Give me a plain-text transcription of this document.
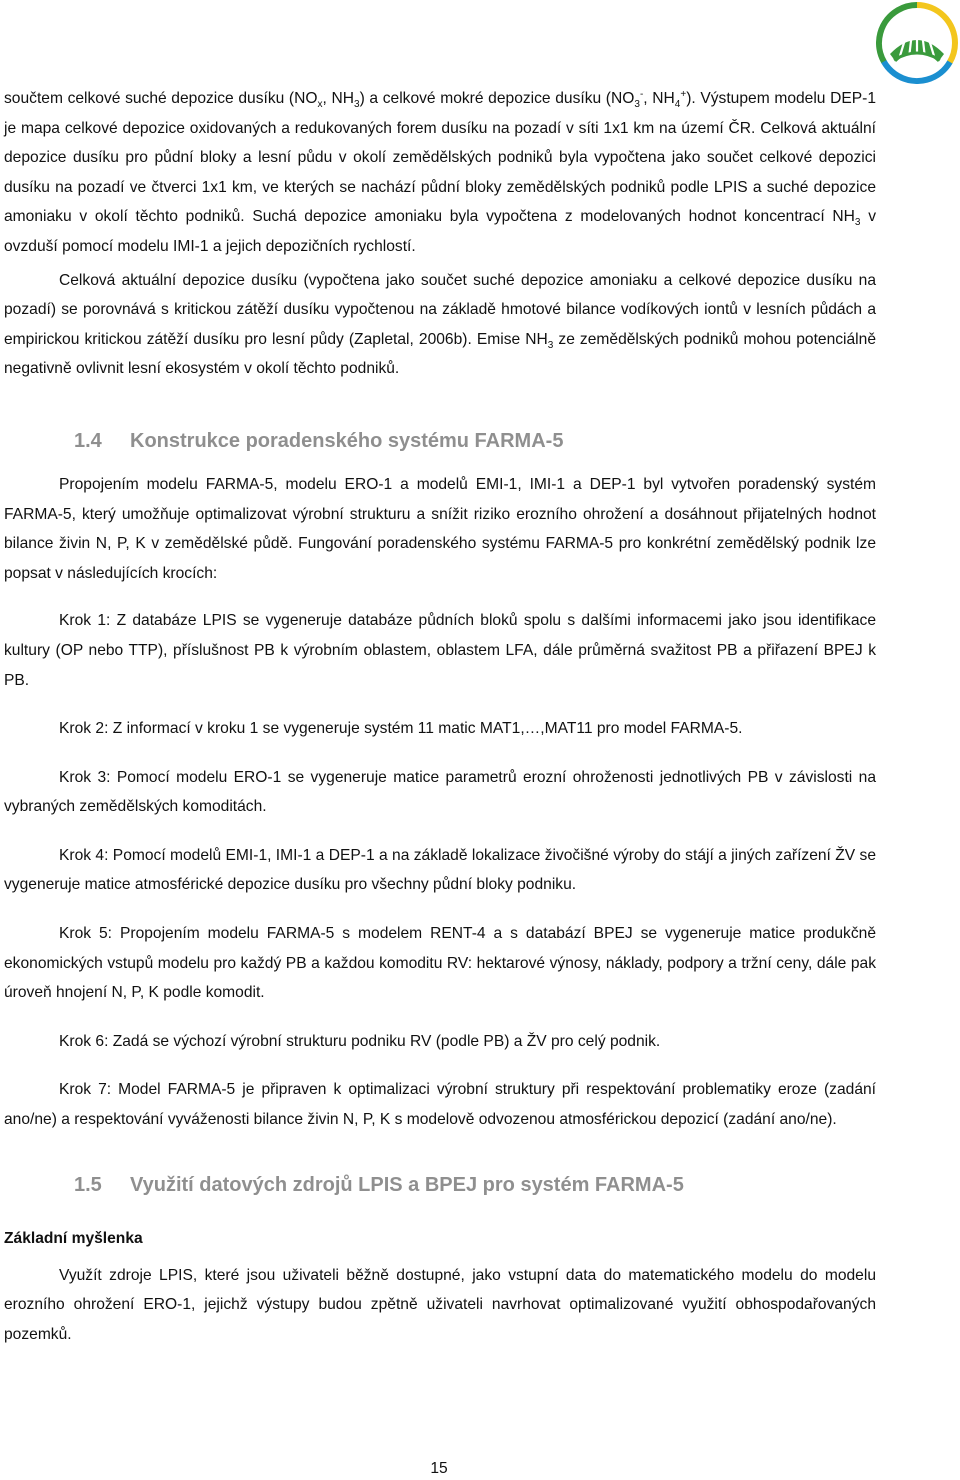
součtem celkové suché depozice dusíku ($NO_x$, $NH_3$) a celkové mokré depozice dusíku ($NO_3^-$, $NH_4^+$). Výstupem modelu DEP-1 je mapa celkové depozice oxidovaných a redukovaných forem dusíku na pozadí v síti 1x1 km na území ČR. Celková aktuální depozice dusíku pro půdní bloky a lesní půdu v okolí zemědělských podniků byla vypočtena jako součet celkové depozici dusíku na pozadí ve čtverci 1x1 km, ve kterých se nachází půdní bloky zemědělských podniků podle LPIS a suché depozice amoniaku v okolí těchto podniků. Suchá depozice amoniaku byla vypočtena z modelovaných hodnot koncentrací $NH_3$ v ovzduší pomocí modelu IMI-1 a jejich depozičních rychlostí.

Celková aktuální depozice dusíku (vypočtena jako součet suché depozice amoniaku a celkové depozice dusíku na pozadí) se porovnává s kritickou zátěží dusíku vypočtenou na základě hmotové bilance vodíkových iontů v lesních půdách a empirickou kritickou zátěží dusíku pro lesní půdy (Zapletal, 2006b). Emise $NH_3$ ze zemědělských podniků mohou potenciálně negativně ovlivnit lesní ekosystém v okolí těchto podniků.

1.4 Konstrukce poradenského systému FARMA-5

Propojením modelu FARMA-5, modelu ERO-1 a modelů EMI-1, IMI-1 a DEP-1 byl vytvořen poradenský systém FARMA-5, který umožňuje optimalizovat výrobní strukturu a snížit riziko erozního ohrožení a dosáhnout přijatelných hodnot bilance živin N, P, K v zemědělské půdě. Fungování poradenského systému FARMA-5 pro konkrétní zemědělský podnik lze popsat v následujících krocích:

Krok 1: Z databáze LPIS se vygeneruje databáze půdních bloků spolu s dalšími informacemi jako jsou identifikace kultury (OP nebo TTP), příslušnost PB k výrobním oblastem, oblastem LFA, dále průměrná svažitost PB a přiřazení BPEJ k PB.

Krok 2: Z informací v kroku 1 se vygeneruje systém 11 matic MAT1,…,MAT11 pro model FARMA-5.

Krok 3: Pomocí modelu ERO-1 se vygeneruje matice parametrů erozní ohroženosti jednotlivých PB v závislosti na vybraných zemědělských komoditách.

Krok 4: Pomocí modelů EMI-1, IMI-1 a DEP-1 a na základě lokalizace živočišné výroby do stájí a jiných zařízení ŽV se vygeneruje matice atmosférické depozice dusíku pro všechny půdní bloky podniku.

Krok 5: Propojením modelu FARMA-5 s modelem RENT-4 a s databází BPEJ se vygeneruje matice produkčně ekonomických vstupů modelu pro každý PB a každou komoditu RV: hektarové výnosy, náklady, podpory a tržní ceny, dále pak úroveň hnojení N, P, K podle komodit.

Krok 6: Zadá se výchozí výrobní strukturu podniku RV (podle PB) a ŽV pro celý podnik.

Krok 7: Model FARMA-5 je připraven k optimalizaci výrobní struktury při respektování problematiky eroze (zadání ano/ne) a respektování vyváženosti bilance živin N, P, K s modelově odvozenou atmosférickou depozicí (zadání ano/ne).

1.5 Využití datových zdrojů LPIS a BPEJ pro systém FARMA-5
Základní myšlenka

Využít zdroje LPIS, které jsou uživateli běžně dostupné, jako vstupní data do matematického modelu do modelu erozního ohrožení ERO-1, jejichž výstupy budou zpětně uživateli navrhovat optimalizované využití obhospodařovaných pozemků.

15
